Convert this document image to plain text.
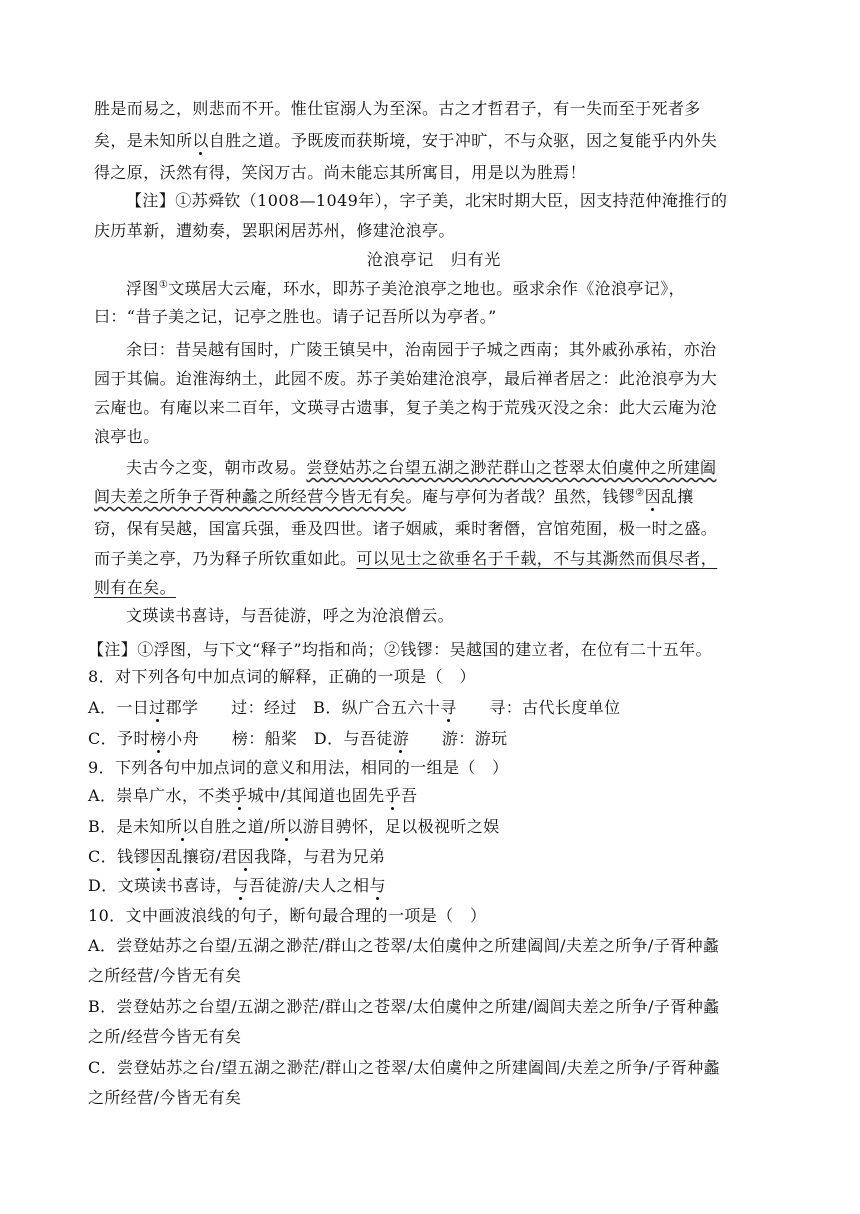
胜是而易之，则悲而不开。惟仕宦溺人为至深。古之才哲君子，有一失而至于死者多
矣，是未知所以自胜之道。予既废而获斯境，安于冲旷，不与众驱，因之复能乎内外失
得之原，沃然有得，笑闵万古。尚未能忘其所寓目，用是以为胜焉！
【注】①苏舜钦（1008—1049年），字子美，北宋时期大臣，因支持范仲淹推行的
庆历革新，遭劾奏，罢职闲居苏州，修建沧浪亭。
沧浪亭记　归有光
浮图①文瑛居大云庵，环水，即苏子美沧浪亭之地也。亟求余作《沧浪亭记》，
曰：“昔子美之记，记亭之胜也。请子记吾所以为亭者。”
余曰：昔吴越有国时，广陵王镇吴中，治南园于子城之西南；其外戚孙承祐，亦治
园于其偏。迨淮海纳土，此园不废。苏子美始建沧浪亭，最后禅者居之：此沧浪亭为大
云庵也。有庵以来二百年，文瑛寻古遗事，复子美之构于荒残灭没之余：此大云庵为沧
浪亭也。
夫古今之变，朝市改易。尝登姑苏之台望五湖之渺茫群山之苍翠太伯虞仲之所建阖
闾夫差之所争子胥种蠡之所经营今皆无有矣。庵与亭何为者哉？虽然，钱镠②因乱攘
窃，保有吴越，国富兵强，垂及四世。诸子姻戚，乘时奢僭，宫馆苑囿，极一时之盛。
而子美之亭，乃为释子所钦重如此。可以见士之欲垂名于千载，不与其澌然而俱尽者，
则有在矣。
文瑛读书喜诗，与吾徒游，呼之为沧浪僧云。
【注】①浮图，与下文“释子”均指和尚；②钱镠：吴越国的建立者，在位有二十五年。
8．对下列各句中加点词的解释，正确的一项是（　）
A．一日过郡学　　过：经过　B．纵广合五六十寻　　寻：古代长度单位
C．予时榜小舟　　榜：船桨　D．与吾徒游　　游：游玩
9．下列各句中加点词的意义和用法，相同的一组是（　）
A．崇阜广水，不类乎城中/其闻道也固先乎吾
B．是未知所以自胜之道/所以游目骋怀，足以极视听之娱
C．钱镠因乱攘窃/君因我降，与君为兄弟
D．文瑛读书喜诗，与吾徒游/夫人之相与
10．文中画波浪线的句子，断句最合理的一项是（　）
A．尝登姑苏之台望/五湖之渺茫/群山之苍翠/太伯虞仲之所建阖闾/夫差之所争/子胥种蠡
之所经营/今皆无有矣
B．尝登姑苏之台望/五湖之渺茫/群山之苍翠/太伯虞仲之所建/阖闾夫差之所争/子胥种蠡
之所/经营今皆无有矣
C．尝登姑苏之台/望五湖之渺茫/群山之苍翠/太伯虞仲之所建阖闾/夫差之所争/子胥种蠡
之所经营/今皆无有矣
